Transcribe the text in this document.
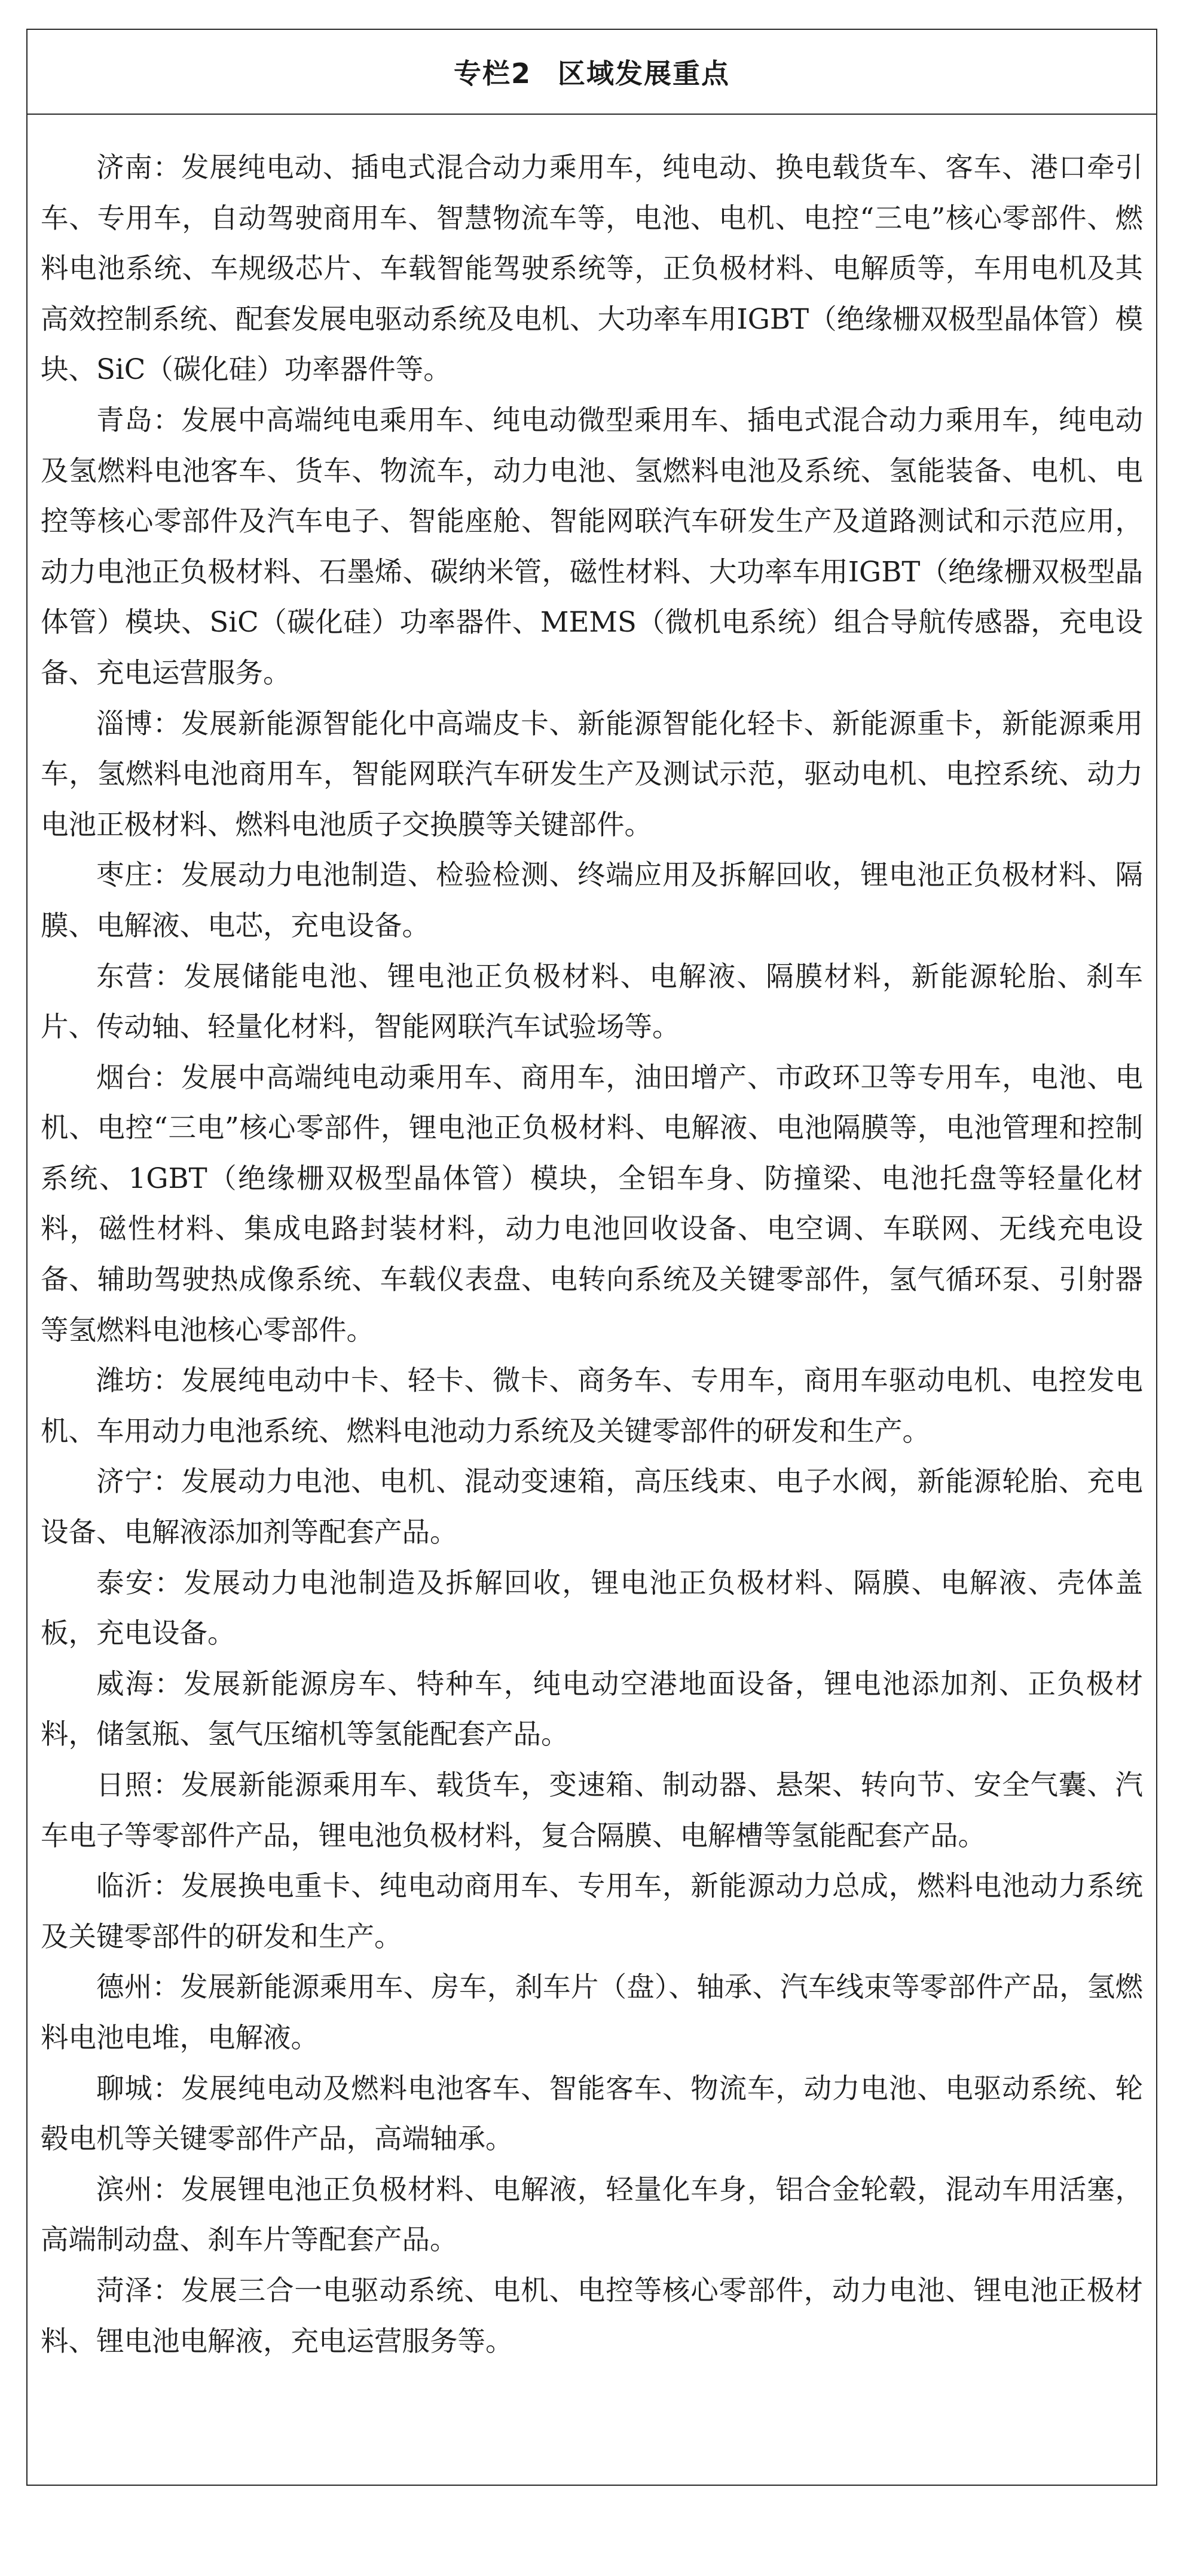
专栏2 区域发展重点

济南：发展纯电动、插电式混合动力乘用车，纯电动、换电载货车、客车、港口牵引车、专用车，自动驾驶商用车、智慧物流车等，电池、电机、电控“三电”核心零部件、燃料电池系统、车规级芯片、车载智能驾驶系统等，正负极材料、电解质等，车用电机及其高效控制系统、配套发展电驱动系统及电机、大功率车用IGBT（绝缘栅双极型晶体管）模块、SiC（碳化硅）功率器件等。

青岛：发展中高端纯电乘用车、纯电动微型乘用车、插电式混合动力乘用车，纯电动及氢燃料电池客车、货车、物流车，动力电池、氢燃料电池及系统、氢能装备、电机、电控等核心零部件及汽车电子、智能座舱、智能网联汽车研发生产及道路测试和示范应用，动力电池正负极材料、石墨烯、碳纳米管，磁性材料、大功率车用IGBT（绝缘栅双极型晶体管）模块、SiC（碳化硅）功率器件、MEMS（微机电系统）组合导航传感器，充电设备、充电运营服务。

淄博：发展新能源智能化中高端皮卡、新能源智能化轻卡、新能源重卡，新能源乘用车，氢燃料电池商用车，智能网联汽车研发生产及测试示范，驱动电机、电控系统、动力电池正极材料、燃料电池质子交换膜等关键部件。

枣庄：发展动力电池制造、检验检测、终端应用及拆解回收，锂电池正负极材料、隔膜、电解液、电芯，充电设备。

东营：发展储能电池、锂电池正负极材料、电解液、隔膜材料，新能源轮胎、刹车片、传动轴、轻量化材料，智能网联汽车试验场等。

烟台：发展中高端纯电动乘用车、商用车，油田增产、市政环卫等专用车，电池、电机、电控“三电”核心零部件，锂电池正负极材料、电解液、电池隔膜等，电池管理和控制系统、1GBT（绝缘栅双极型晶体管）模块，全铝车身、防撞梁、电池托盘等轻量化材料，磁性材料、集成电路封装材料，动力电池回收设备、电空调、车联网、无线充电设备、辅助驾驶热成像系统、车载仪表盘、电转向系统及关键零部件，氢气循环泵、引射器等氢燃料电池核心零部件。

潍坊：发展纯电动中卡、轻卡、微卡、商务车、专用车，商用车驱动电机、电控发电机、车用动力电池系统、燃料电池动力系统及关键零部件的研发和生产。

济宁：发展动力电池、电机、混动变速箱，高压线束、电子水阀，新能源轮胎、充电设备、电解液添加剂等配套产品。

泰安：发展动力电池制造及拆解回收，锂电池正负极材料、隔膜、电解液、壳体盖板，充电设备。

威海：发展新能源房车、特种车，纯电动空港地面设备，锂电池添加剂、正负极材料，储氢瓶、氢气压缩机等氢能配套产品。

日照：发展新能源乘用车、载货车，变速箱、制动器、悬架、转向节、安全气囊、汽车电子等零部件产品，锂电池负极材料，复合隔膜、电解槽等氢能配套产品。

临沂：发展换电重卡、纯电动商用车、专用车，新能源动力总成，燃料电池动力系统及关键零部件的研发和生产。

德州：发展新能源乘用车、房车，刹车片（盘）、轴承、汽车线束等零部件产品，氢燃料电池电堆，电解液。

聊城：发展纯电动及燃料电池客车、智能客车、物流车，动力电池、电驱动系统、轮毂电机等关键零部件产品，高端轴承。

滨州：发展锂电池正负极材料、电解液，轻量化车身，铝合金轮毂，混动车用活塞，高端制动盘、刹车片等配套产品。

菏泽：发展三合一电驱动系统、电机、电控等核心零部件，动力电池、锂电池正极材料、锂电池电解液，充电运营服务等。
